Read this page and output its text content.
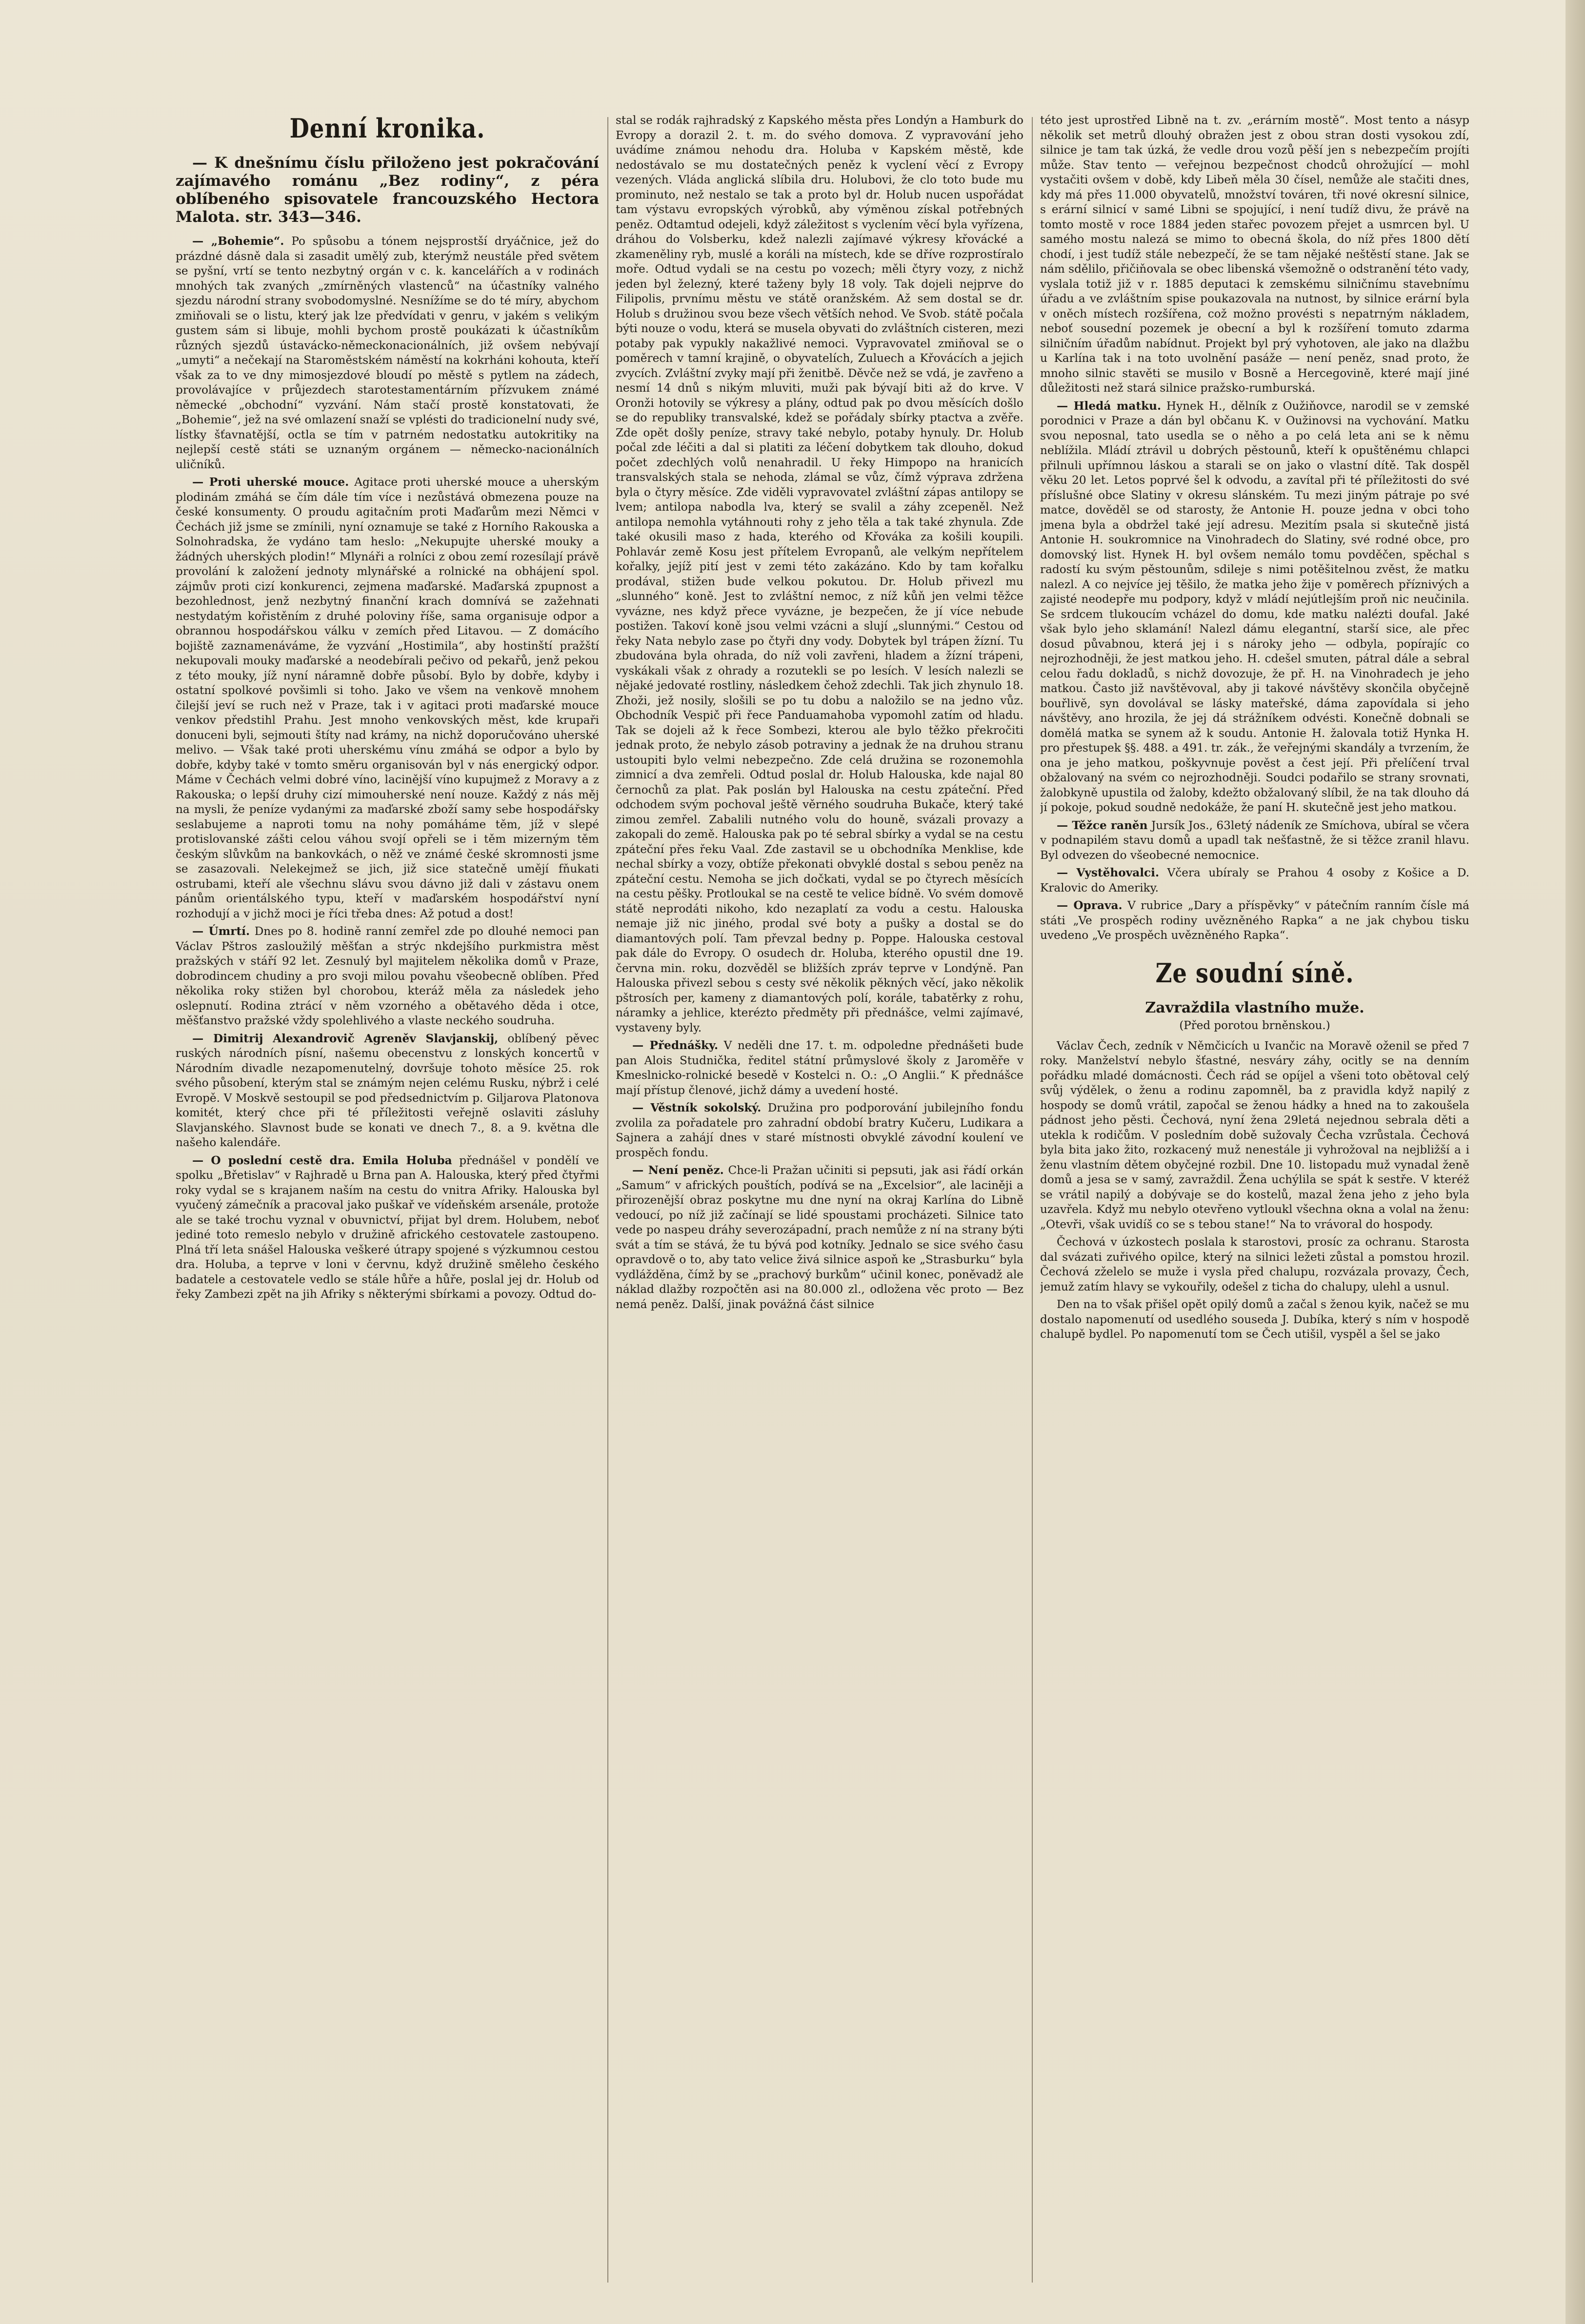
Denní kronika.

— K dnešnímu číslu přiloženo jest pokračování zajímavého románu „Bez rodiny“, z péra oblíbeného spisovatele francouzského Hectora Malota. str. 343—346.

— „Bohemie“. Po spůsobu a tónem nejsprostší dryáčnice, jež do prázdné dásně dala si zasadit umělý zub, kterýmž neustále před světem se pyšní, vrtí se tento nezbytný orgán v c. k. kancelářích a v rodinách mnohých tak zvaných „zmírněných vlastenců“ na účastníky valného sjezdu národní strany svobodomyslné. Nesnížíme se do té míry, abychom zmiňovali se o listu, který jak lze předvídati v genru, v jakém s velikým gustem sám si libuje, mohli bychom prostě poukázati k účastníkům různých sjezdů ústavácko-německonacionálních, již ovšem nebývají „umyti“ a nečekají na Staroměstském náměstí na kokrháni kohouta, kteří však za to ve dny mimosjezdové bloudí po městě s pytlem na zádech, provolávajíce v průjezdech starotestamentárním přízvukem známé německé „obchodní“ vyzvání. Nám stačí prostě konstatovati, že „Bohemie“, jež na své omlazení snaží se vplésti do tradicionelní nudy své, lístky šťavnatější, octla se tím v patrném nedostatku autokritiky na nejlepší cestě státi se uznaným orgánem — německo-nacionálních uličníků.

— Proti uherské mouce. Agitace proti uherské mouce a uherským plodinám zmáhá se čím dále tím více i nezůstává obmezena pouze na české konsumenty. O proudu agitačním proti Maďarům mezi Němci v Čechách již jsme se zmínili, nyní oznamuje se také z Horního Rakouska a Solnohradska, že vydáno tam heslo: „Nekupujte uherské mouky a žádných uherských plodin!“ Mlynáři a rolníci z obou zemí rozesílají právě provolání k založení jednoty mlynářské a rolnické na obhájení spol. zájmův proti cizí konkurenci, zejmena maďarské. Maďarská zpupnost a bezohlednost, jenž nezbytný finanční krach domnívá se zažehnati nestydatým kořistěním z druhé poloviny říše, sama organisuje odpor a obrannou hospodářskou válku v zemích před Litavou. — Z domácího bojiště zaznamenáváme, že vyzvání „Hostimila“, aby hostinští pražští nekupovali mouky maďarské a neodebírali pečivo od pekařů, jenž pekou z této mouky, jíž nyní náramně dobře působí. Bylo by dobře, kdyby i ostatní spolkové povšimli si toho. Jako ve všem na venkově mnohem čilejší jeví se ruch než v Praze, tak i v agitaci proti maďarské mouce venkov předstihl Prahu. Jest mnoho venkovských měst, kde krupaři donuceni byli, sejmouti štíty nad krámy, na nichž doporučováno uherské melivo. — Však také proti uherskému vínu zmáhá se odpor a bylo by dobře, kdyby také v tomto směru organisován byl v nás energický odpor. Máme v Čechách velmi dobré víno, lacinější víno kupujmež z Moravy a z Rakouska; o lepší druhy cizí mimouherské není nouze. Každý z nás měj na mysli, že peníze vydanými za maďarské zboží samy sebe hospodářsky seslabujeme a naproti tomu na nohy pomáháme těm, jíž v slepé protislovanské zášti celou váhou svojí opřeli se i těm mizerným těm českým slůvkům na bankovkách, o něž ve známé české skromnosti jsme se zasazovali. Nelekejmež se jich, již sice statečně umějí fňukati ostrubami, kteří ale všechnu slávu svou dávno již dali v zástavu onem pánům orientálského typu, kteří v maďarském hospodářství nyní rozhodují a v jichž moci je říci třeba dnes: Až potud a dost!

— Úmrtí. Dnes po 8. hodině ranní zemřel zde po dlouhé nemoci pan Václav Pštros zasloužilý měšťan a strýc nkdejšího purkmistra měst pražských v stáří 92 let. Zesnulý byl majitelem několika domů v Praze, dobrodincem chudiny a pro svoji milou povahu všeobecně oblíben. Před několika roky stižen byl chorobou, kteráž měla za následek jeho oslepnutí. Rodina ztrácí v něm vzorného a obětavého děda i otce, měšťanstvo pražské vždy spolehlivého a vlaste neckého soudruha.

— Dimitrij Alexandrovič Agreněv Slavjanskij, oblíbený pěvec ruských národních písní, našemu obecenstvu z lonských koncertů v Národním divadle nezapomenutelný, dovršuje tohoto měsíce 25. rok svého působení, kterým stal se známým nejen celému Rusku, nýbrž i celé Evropě. V Moskvě sestoupil se pod předsednictvím p. Giljarova Platonova komitét, který chce při té příležitosti veřejně oslaviti zásluhy Slavjanského. Slavnost bude se konati ve dnech 7., 8. a 9. května dle našeho kalendáře.

— O poslední cestě dra. Emila Holuba přednášel v pondělí ve spolku „Břetislav“ v Rajhradě u Brna pan A. Halouska, který před čtyřmi roky vydal se s krajanem naším na cestu do vnitra Afriky. Halouska byl vyučený zámečník a pracoval jako puškař ve vídeňském arsenále, protože ale se také trochu vyznal v obuvnictví, přijat byl drem. Holubem, neboť jediné toto remeslo nebylo v družině afrického cestovatele zastoupeno. Plná tří leta snášel Halouska veškeré útrapy spojené s výzkumnou cestou dra. Holuba, a teprve v loni v červnu, když družině směleho českého badatele a cestovatele vedlo se stále hůře a hůře, poslal jej dr. Holub od řeky Zambezi zpět na jih Afriky s některými sbírkami a povozy. Odtud do-

stal se rodák rajhradský z Kapského města přes Londýn a Hamburk do Evropy a dorazil 2. t. m. do svého domova. Z vypravování jeho uvádíme známou nehodu dra. Holuba v Kapském městě, kde nedostávalo se mu dostatečných peněz k vyclení věcí z Evropy vezených. Vláda anglická slíbila dru. Holubovi, že clo toto bude mu prominuto, než nestalo se tak a proto byl dr. Holub nucen uspořádat tam výstavu evropských výrobků, aby výměnou získal potřebných peněz. Odtamtud odejeli, když záležitost s vyclením věcí byla vyřízena, dráhou do Volsberku, kdež nalezli zajímavé výkresy křovácké a zkameněliny ryb, muslé a koráli na místech, kde se dříve rozprostíralo moře. Odtud vydali se na cestu po vozech; měli čtyry vozy, z nichž jeden byl železný, které taženy byly 18 voly. Tak dojeli nejprve do Filipolis, prvnímu městu ve státě oranžském. Až sem dostal se dr. Holub s družinou svou beze všech větších nehod. Ve Svob. státě počala býti nouze o vodu, která se musela obyvati do zvláštních cisteren, mezi potaby pak vypukly nakažlivé nemoci. Vypravovatel zmiňoval se o poměrech v tamní krajině, o obyvatelích, Zuluech a Křovácích a jejich zvycích. Zvláštní zvyky mají při ženitbě. Děvče než se vdá, je zavřeno a nesmí 14 dnů s nikým mluviti, muži pak bývají biti až do krve. V Oronži hotovily se výkresy a plány, odtud pak po dvou měsících došlo se do republiky transvalské, kdež se pořádaly sbírky ptactva a zvěře. Zde opět došly peníze, stravy také nebylo, potaby hynuly. Dr. Holub počal zde léčiti a dal si platiti za léčení dobytkem tak dlouho, dokud počet zdechlých volů nenahradil. U řeky Himpopo na hranicích transvalských stala se nehoda, zlámal se vůz, čímž výprava zdržena byla o čtyry měsíce. Zde viděli vypravovatel zvláštní zápas antilopy se lvem; antilopa nabodla lva, který se svalil a záhy zcepeněl. Než antilopa nemohla vytáhnouti rohy z jeho těla a tak také zhynula. Zde také okusili maso z hada, kterého od Křováka za košili koupili. Pohlavár země Kosu jest přítelem Evropanů, ale velkým nepřítelem kořalky, jejíž pití jest v zemi této zakázáno. Kdo by tam kořalku prodával, stižen bude velkou pokutou. Dr. Holub přivezl mu „slunného“ koně. Jest to zvláštní nemoc, z níž kůň jen velmi těžce vyvázne, nes když přece vyvázne, je bezpečen, že jí více nebude postižen. Takoví koně jsou velmi vzácni a slují „slunnými.“ Cestou od řeky Nata nebylo zase po čtyři dny vody. Dobytek byl trápen žízní. Tu zbudována byla ohrada, do níž voli zavřeni, hladem a žízní trápeni, vyskákali však z ohrady a rozutekli se po lesích. V lesích nalezli se nějaké jedovaté rostliny, následkem čehož zdechli. Tak jich zhynulo 18. Zhoži, jež nosily, slošili se po tu dobu a naložilo se na jedno vůz. Obchodník Vespič při řece Panduamahoba vypomohl zatím od hladu. Tak se dojeli až k řece Sombezi, kterou ale bylo těžko překročiti jednak proto, že nebylo zásob potraviny a jednak že na druhou stranu ustoupiti bylo velmi nebezpečno. Zde celá družina se rozonemohla zimnicí a dva zemřeli. Odtud poslal dr. Holub Halouska, kde najal 80 černochů za plat. Pak poslán byl Halouska na cestu zpáteční. Před odchodem svým pochoval ještě věrného soudruha Bukače, který také zimou zemřel. Zabalili nutného volu do houně, svázali provazy a zakopali do země. Halouska pak po té sebral sbírky a vydal se na cestu zpáteční přes řeku Vaal. Zde zastavil se u obchodníka Menklise, kde nechal sbírky a vozy, obtíže překonati obvyklé dostal s sebou peněz na zpáteční cestu. Nemoha se jich dočkati, vydal se po čtyrech měsících na cestu pěšky. Protloukal se na cestě te velice bídně. Vo svém domově státě neprodáti nikoho, kdo nezaplatí za vodu a cestu. Halouska nemaje již nic jiného, prodal své boty a pušky a dostal se do diamantových polí. Tam převzal bedny p. Poppe. Halouska cestoval pak dále do Evropy. O osudech dr. Holuba, kterého opustil dne 19. června min. roku, dozvěděl se bližších zpráv teprve v Londýně. Pan Halouska přivezl sebou s cesty své několik pěkných věcí, jako několik pštrosích per, kameny z diamantových polí, korále, tabatěrky z rohu, náramky a jehlice, kterézto předměty při přednášce, velmi zajímavé, vystaveny byly.

— Přednášky. V neděli dne 17. t. m. odpoledne přednášeti bude pan Alois Studnička, ředitel státní průmyslové školy z Jaroměře v Kmeslnicko-rolnické besedě v Kostelci n. O.: „O Anglii.“ K přednášce mají přístup členové, jichž dámy a uvedení hosté.

— Věstník sokolský. Družina pro podporování jubilejního fondu zvolila za pořadatele pro zahradní období bratry Kučeru, Ludikara a Sajnera a zahájí dnes v staré místnosti obvyklé závodní koulení ve prospěch fondu.

— Není peněz. Chce-li Pražan učiniti si pepsuti, jak asi řádí orkán „Samum“ v afrických pouštích, podívá se na „Excelsior“, ale laciněji a přirozenější obraz poskytne mu dne nyní na okraj Karlína do Libně vedoucí, po níž již začínají se lidé spoustami procházeti. Silnice tato vede po naspeu dráhy severozápadní, prach nemůže z ní na strany býti svát a tím se stává, že tu bývá pod kotníky. Jednalo se sice svého času opravdově o to, aby tato velice živá silnice aspoň ke „Strasburku“ byla vydlážděna, čímž by se „prachový burkům“ učinil konec, poněvadž ale náklad dlažby rozpočtěn asi na 80.000 zl., odložena věc proto — Bez nemá peněz. Další, jinak povážná část silnice

této jest uprostřed Libně na t. zv. „erárním mostě“. Most tento a násyp několik set metrů dlouhý obražen jest z obou stran dosti vysokou zdí, silnice je tam tak úzká, že vedle drou vozů pěší jen s nebezpečím projíti může. Stav tento — veřejnou bezpečnost chodců ohrožující — mohl vystačiti ovšem v době, kdy Libeň měla 30 čísel, nemůže ale stačiti dnes, kdy má přes 11.000 obyvatelů, množství továren, tři nové okresní silnice, s erární silnicí v samé Libni se spojující, i není tudíž divu, že právě na tomto mostě v roce 1884 jeden stařec povozem přejet a usmrcen byl. U samého mostu nalezá se mimo to obecná škola, do níž přes 1800 dětí chodí, i jest tudíž stále nebezpečí, že se tam nějaké neštěstí stane. Jak se nám sdělilo, přičiňovala se obec libenská všemožně o odstranění této vady, vyslala totiž již v r. 1885 deputaci k zemskému silničnímu stavebnímu úřadu a ve zvláštním spise poukazovala na nutnost, by silnice erární byla v oněch místech rozšířena, což možno provésti s nepatrným nákladem, neboť sousední pozemek je obecní a byl k rozšíření tomuto zdarma silničním úřadům nabídnut. Projekt byl prý vyhotoven, ale jako na dlažbu u Karlína tak i na toto uvolnění pasáže — není peněz, snad proto, že mnoho silnic stavěti se musilo v Bosně a Hercegovině, které mají jiné důležitosti než stará silnice pražsko-rumburská.

— Hledá matku. Hynek H., dělník z Oužiňovce, narodil se v zemské porodnici v Praze a dán byl občanu K. v Oužinovsi na vychování. Matku svou neposnal, tato usedla se o něho a po celá leta ani se k němu neblížila. Mládí ztrávil u dobrých pěstounů, kteří k opuštěnému chlapci přilnuli upřímnou láskou a starali se on jako o vlastní dítě. Tak dospěl věku 20 let. Letos poprvé šel k odvodu, a zavítal při té příležitosti do své příslušné obce Slatiny v okresu slánském. Tu mezi jiným pátraje po své matce, dověděl se od starosty, že Antonie H. pouze jedna v obci toho jmena byla a obdržel také její adresu. Mezitím psala si skutečně jistá Antonie H. soukromnice na Vinohradech do Slatiny, své rodné obce, pro domovský list. Hynek H. byl ovšem nemálo tomu povděčen, spěchal s radostí ku svým pěstounům, sdileje s nimi potěšitelnou zvěst, že matku nalezl. A co nejvíce jej těšilo, že matka jeho žije v poměrech příznivých a zajisté neodepře mu podpory, když v mládí nejútlejším proň nic neučinila. Se srdcem tlukoucím vcházel do domu, kde matku nalézti doufal. Jaké však bylo jeho sklamání! Nalezl dámu elegantní, starší sice, ale přec dosud půvabnou, která jej i s nároky jeho — odbyla, popírajíc co nejrozhodněji, že jest matkou jeho. H. cdešel smuten, pátral dále a sebral celou řadu dokladů, s nichž dovozuje, že př. H. na Vinohradech je jeho matkou. Často již navštěvoval, aby ji takové návštěvy skončila obyčejně bouřlivě, syn dovolával se lásky mateřské, dáma zapovídala si jeho návštěvy, ano hrozila, že jej dá strážníkem odvésti. Konečně dobnali se domělá matka se synem až k soudu. Antonie H. žalovala totiž Hynka H. pro přestupek §§. 488. a 491. tr. zák., že veřejnými skandály a tvrzením, že ona je jeho matkou, poškyvnuje pověst a čest její. Při přelíčení trval obžalovaný na svém co nejrozhodněji. Soudci podařilo se strany srovnati, žalobkyně upustila od žaloby, kdežto obžalovaný slíbil, že na tak dlouho dá jí pokoje, pokud soudně nedokáže, že paní H. skutečně jest jeho matkou.

— Těžce raněn Jursík Jos., 63letý nádeník ze Smíchova, ubíral se včera v podnapilém stavu domů a upadl tak nešťastně, že si těžce zranil hlavu. Byl odvezen do všeobecné nemocnice.

— Vystěhovalci. Včera ubíraly se Prahou 4 osoby z Košice a D. Kralovic do Ameriky.

— Oprava. V rubrice „Dary a příspěvky“ v pátečním ranním čísle má státi „Ve prospěch rodiny uvězněného Rapka“ a ne jak chybou tisku uvedeno „Ve prospěch uvězněného Rapka“.

Ze soudní síně.
Zavraždila vlastního muže.
(Před porotou brněnskou.)

Václav Čech, zedník v Němčicích u Ivančic na Moravě oženil se před 7 roky. Manželství nebylo šťastné, nesváry záhy, ocitly se na denním pořádku mladé domácnosti. Čech rád se opíjel a všeni toto obětoval celý svůj výdělek, o ženu a rodinu zapomněl, ba z pravidla když napilý z hospody se domů vrátil, započal se ženou hádky a hned na to zakoušela pádnost jeho pěsti. Čechová, nyní žena 29letá nejednou sebrala děti a utekla k rodičům. V posledním době sužovaly Čecha vzrůstala. Čechová byla bita jako žito, rozkacený muž nenestále ji vyhrožoval na nejbližší a i ženu vlastním dětem obyčejné rozbil. Dne 10. listopadu muž vynadal ženě domů a jesa se v samý, zavraždil. Žena uchýlila se spát k sestře. V kteréž se vrátil napilý a dobývaje se do kostelů, mazal žena jeho z jeho byla uzavřela. Když mu nebylo otevřeno vytloukl všechna okna a volal na ženu: „Otevři, však uvidíš co se s tebou stane!“ Na to vrávoral do hospody.

Čechová v úzkostech poslala k starostovi, prosíc za ochranu. Starosta dal svázati zuřivého opilce, který na silnici ležeti zůstal a pomstou hrozil. Čechová zželelo se muže i vysla před chalupu, rozvázala provazy, Čech, jemuž zatím hlavy se vykouřily, odešel z ticha do chalupy, ulehl a usnul.

Den na to však přišel opět opilý domů a začal s ženou kyik, načež se mu dostalo napomenutí od usedlého souseda J. Dubíka, který s ním v hospodě chalupě bydlel. Po napomenutí tom se Čech utišil, vyspěl a šel se jako
